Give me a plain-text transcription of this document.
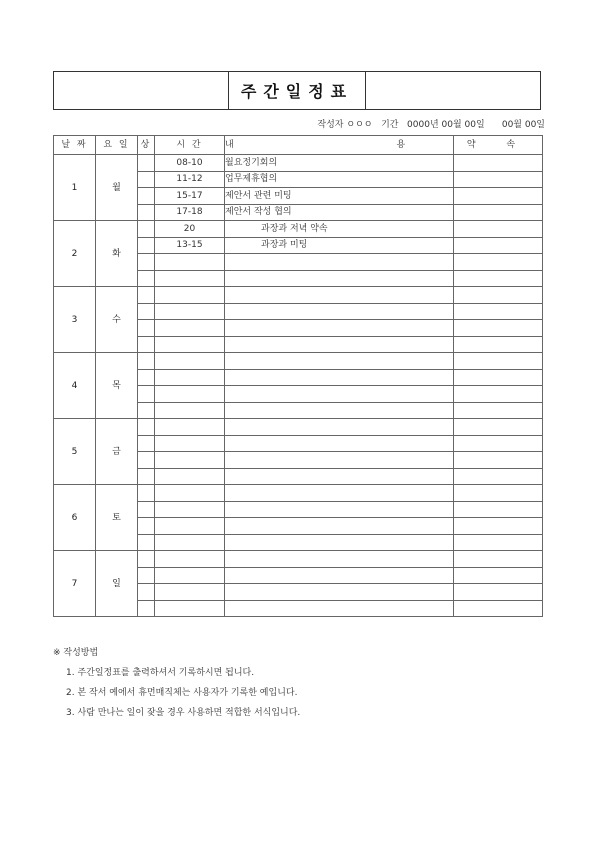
주간일정표
작성자 ㅇㅇㅇ 기간 0000년 00월 00일 00월 00일
날 짜	요 일	상	시 간	내 용	약 속
1	월		08-10	월요정기회의	
			11-12	업무제휴협의	
			15-17	제안서 관련 미팅	
			17-18	제안서 작성 협의	
2	화		20	과장과 저녁 약속	
			13-15	과장과 미팅	

3	수				

4	목				

5	금				

6	토				

7	일				

※ 작성방법
1. 주간일정표를 출력하셔서 기록하시면 됩니다.
2. 본 작서 예에서 휴먼매직체는 사용자가 기록한 예입니다.
3. 사람 만나는 일이 잦을 경우 사용하면 적합한 서식입니다.
